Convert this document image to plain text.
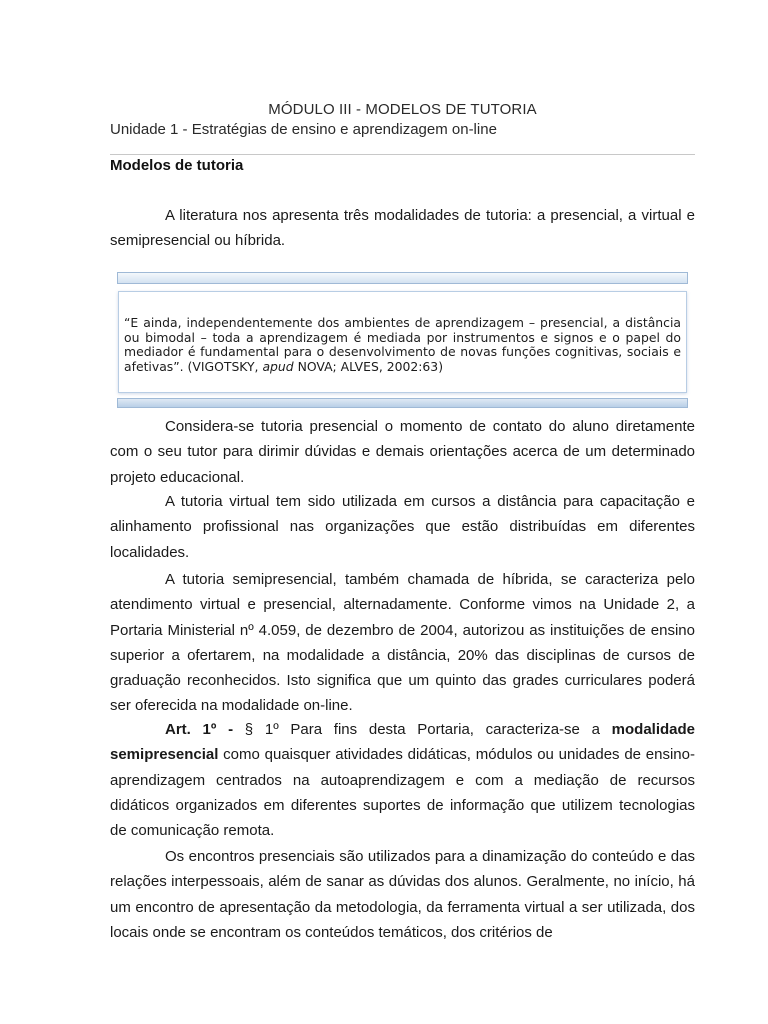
MÓDULO III - MODELOS DE TUTORIA
Unidade 1 - Estratégias de ensino e aprendizagem on-line
Modelos de tutoria
A literatura nos apresenta três modalidades de tutoria: a presencial, a virtual e semipresencial ou híbrida.
Considera-se tutoria presencial o momento de contato do aluno diretamente com o seu tutor para dirimir dúvidas e demais orientações acerca de um determinado projeto educacional.
A tutoria virtual tem sido utilizada em cursos a distância para capacitação e alinhamento profissional nas organizações que estão distribuídas em diferentes localidades.
A tutoria semipresencial, também chamada de híbrida, se caracteriza pelo atendimento virtual e presencial, alternadamente. Conforme vimos na Unidade 2, a Portaria Ministerial nº 4.059, de dezembro de 2004, autorizou as instituições de ensino superior a ofertarem, na modalidade a distância, 20% das disciplinas de cursos de graduação reconhecidos. Isto significa que um quinto das grades curriculares poderá ser oferecida na modalidade on-line.
Art. 1º - § 1º Para fins desta Portaria, caracteriza-se a modalidade semipresencial como quaisquer atividades didáticas, módulos ou unidades de ensino-aprendizagem centrados na autoaprendizagem e com a mediação de recursos didáticos organizados em diferentes suportes de informação que utilizem tecnologias de comunicação remota.
Os encontros presenciais são utilizados para a dinamização do conteúdo e das relações interpessoais, além de sanar as dúvidas dos alunos. Geralmente, no início, há um encontro de apresentação da metodologia, da ferramenta virtual a ser utilizada, dos locais onde se encontram os conteúdos temáticos, dos critérios de
“E ainda, independentemente dos ambientes de aprendizagem – presencial, a distância ou bimodal – toda a aprendizagem é mediada por instrumentos e signos e o papel do mediador é fundamental para o desenvolvimento de novas funções cognitivas, sociais e afetivas”. (VIGOTSKY, apud NOVA; ALVES, 2002:63)
